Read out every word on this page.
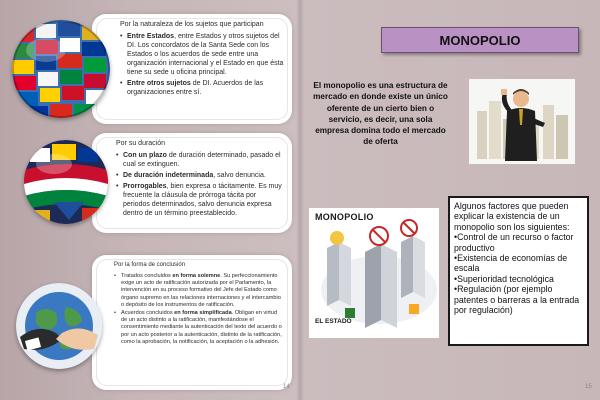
Por la naturaleza de los sujetos que participan
• Entre Estados, entre Estados y otros sujetos del DI. Los concordatos de la Santa Sede con los Estados o los acuerdos de sede entre una organización internacional y el Estado en que ésta tiene su sede u oficina principal.
• Entre otros sujetos de DI. Acuerdos de las organizaciones entre sí.
Por su duración
• Con un plazo de duración determinado, pasado el cual se extinguen.
• De duración indeterminada, salvo denuncia.
• Prorrogables, bien expresa o tácitamente. Es muy frecuente la cláusula de prórroga tácita por periodos determinados, salvo denuncia expresa dentro de un término preestablecido.
Por la forma de conclusión
• Tratados concluidos en forma solemne. Su perfeccionamiento exige un acto de ratificación autorizada por el Parlamento, la intervención en su proceso formativo del Jefe del Estado como órgano supremo en las relaciones internaciones y el intercambio o depósito de los instrumentos de ratificación.
• Acuerdos concluidos en forma simplificada. Obligan en virtud de un acto distinto a la ratificación, manifestándose el consentimiento mediante la autenticación del texto del acuerdo o por un acto posterior a la autenticación, distinto de la ratificación, como la aprobación, la notificación, la aceptación o la adhesión.
14
MONOPOLIO
El monopolio es una estructura de mercado en donde existe un único oferente de un cierto bien o servicio, es decir, una sola empresa domina todo el mercado de oferta
MONOPOLIO
EL ESTADO

Algunos factores que pueden explicar la existencia de un monopolio son los siguientes:

•Control de un recurso o factor productivo

•Existencia de economías de escala

•Superioridad tecnológica

•Regulación (por ejemplo patentes o barreras a la entrada por regulación)

15
